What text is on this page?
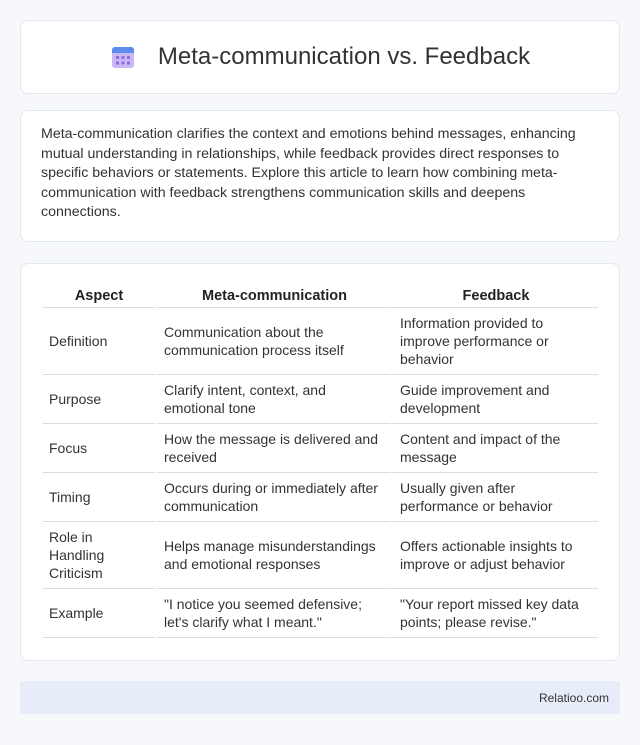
Meta-communication vs. Feedback

Meta-communication clarifies the context and emotions behind messages, enhancing mutual understanding in relationships, while feedback provides direct responses to specific behaviors or statements. Explore this article to learn how combining meta-communication with feedback strengthens communication skills and deepens connections.

Aspect	Meta-communication	Feedback
Definition	Communication about the communication process itself	Information provided to improve performance or behavior
Purpose	Clarify intent, context, and emotional tone	Guide improvement and development
Focus	How the message is delivered and received	Content and impact of the message
Timing	Occurs during or immediately after communication	Usually given after performance or behavior
Role in Handling Criticism	Helps manage misunderstandings and emotional responses	Offers actionable insights to improve or adjust behavior
Example	"I notice you seemed defensive; let's clarify what I meant."	"Your report missed key data points; please revise."
Relatioo.com
